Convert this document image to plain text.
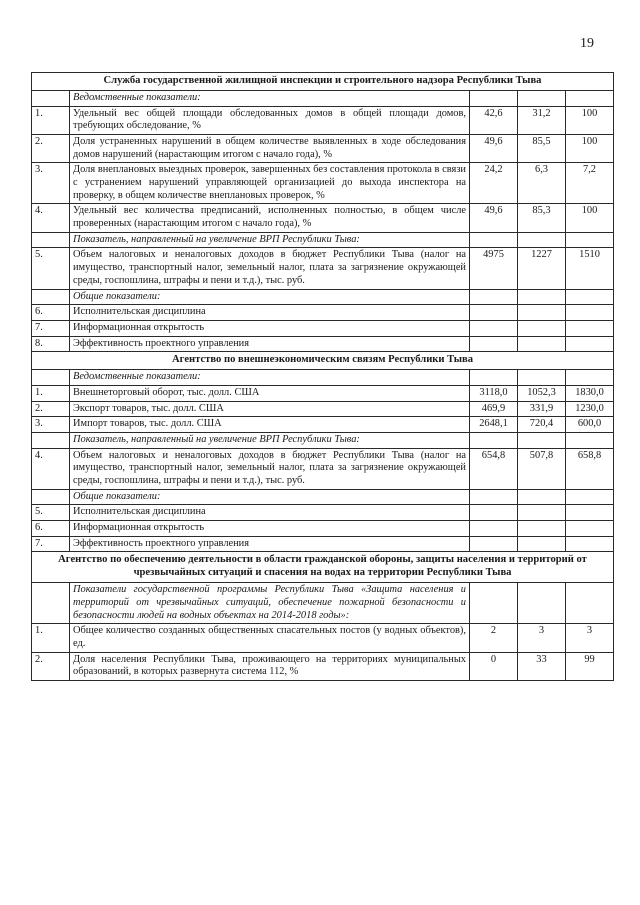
19
Служба государственной жилищной инспекции и строительного надзора Республики Тыва				
	Ведомственные показатели:			
1.	Удельный вес общей площади обследованных домов в общей площади домов, требующих обследование, %	42,6	31,2	100
2.	Доля устраненных нарушений в общем количестве выявленных в ходе обследования домов нарушений (нарастающим итогом с начало года), %	49,6	85,5	100
3.	Доля внеплановых выездных проверок, завершенных без составления протокола в связи с устранением нарушений управляющей организацией до выхода инспектора на проверку, в общем количестве внеплановых проверок, %	24,2	6,3	7,2
4.	Удельный вес количества предписаний, исполненных полностью, в общем числе проверенных (нарастающим итогом с начало года), %	49,6	85,3	100
	Показатель, направленный на увеличение ВРП Республики Тыва:			
5.	Объем налоговых и неналоговых доходов в бюджет Республики Тыва (налог на имущество, транспортный налог, земельный налог, плата за загрязнение окружающей среды, госпошлина, штрафы и пени и т.д.), тыс. руб.	4975	1227	1510
	Общие показатели:			
6.	Исполнительская дисциплина			
7.	Информационная открытость			
8.	Эффективность проектного управления			
Агентство по внешнеэкономическим связям Республики Тыва				
	Ведомственные показатели:			
1.	Внешнеторговый оборот, тыс. долл. США	3118,0	1052,3	1830,0
2.	Экспорт товаров, тыс. долл. США	469,9	331,9	1230,0
3.	Импорт товаров, тыс. долл. США	2648,1	720,4	600,0
	Показатель, направленный на увеличение ВРП Республики Тыва:			
4.	Объем налоговых и неналоговых доходов в бюджет Республики Тыва (налог на имущество, транспортный налог, земельный налог, плата за загрязнение окружающей среды, госпошлина, штрафы и пени и т.д.), тыс. руб.	654,8	507,8	658,8
	Общие показатели:			
5.	Исполнительская дисциплина			
6.	Информационная открытость			
7.	Эффективность проектного управления			
Агентство по обеспечению деятельности в области гражданской обороны, защиты населения и территорий от чрезвычайных ситуаций и спасения на водах на территории Республики Тыва				
	Показатели государственной программы Республики Тыва «Защита населения и территорий от чрезвычайных ситуаций, обеспечение пожарной безопасности и безопасности людей на водных объектах на 2014-2018 годы»:			
1.	Общее количество созданных общественных спасательных постов (у водных объектов), ед.	2	3	3
2.	Доля населения Республики Тыва, проживающего на территориях муниципальных образований, в которых развернута система 112, %	0	33	99
